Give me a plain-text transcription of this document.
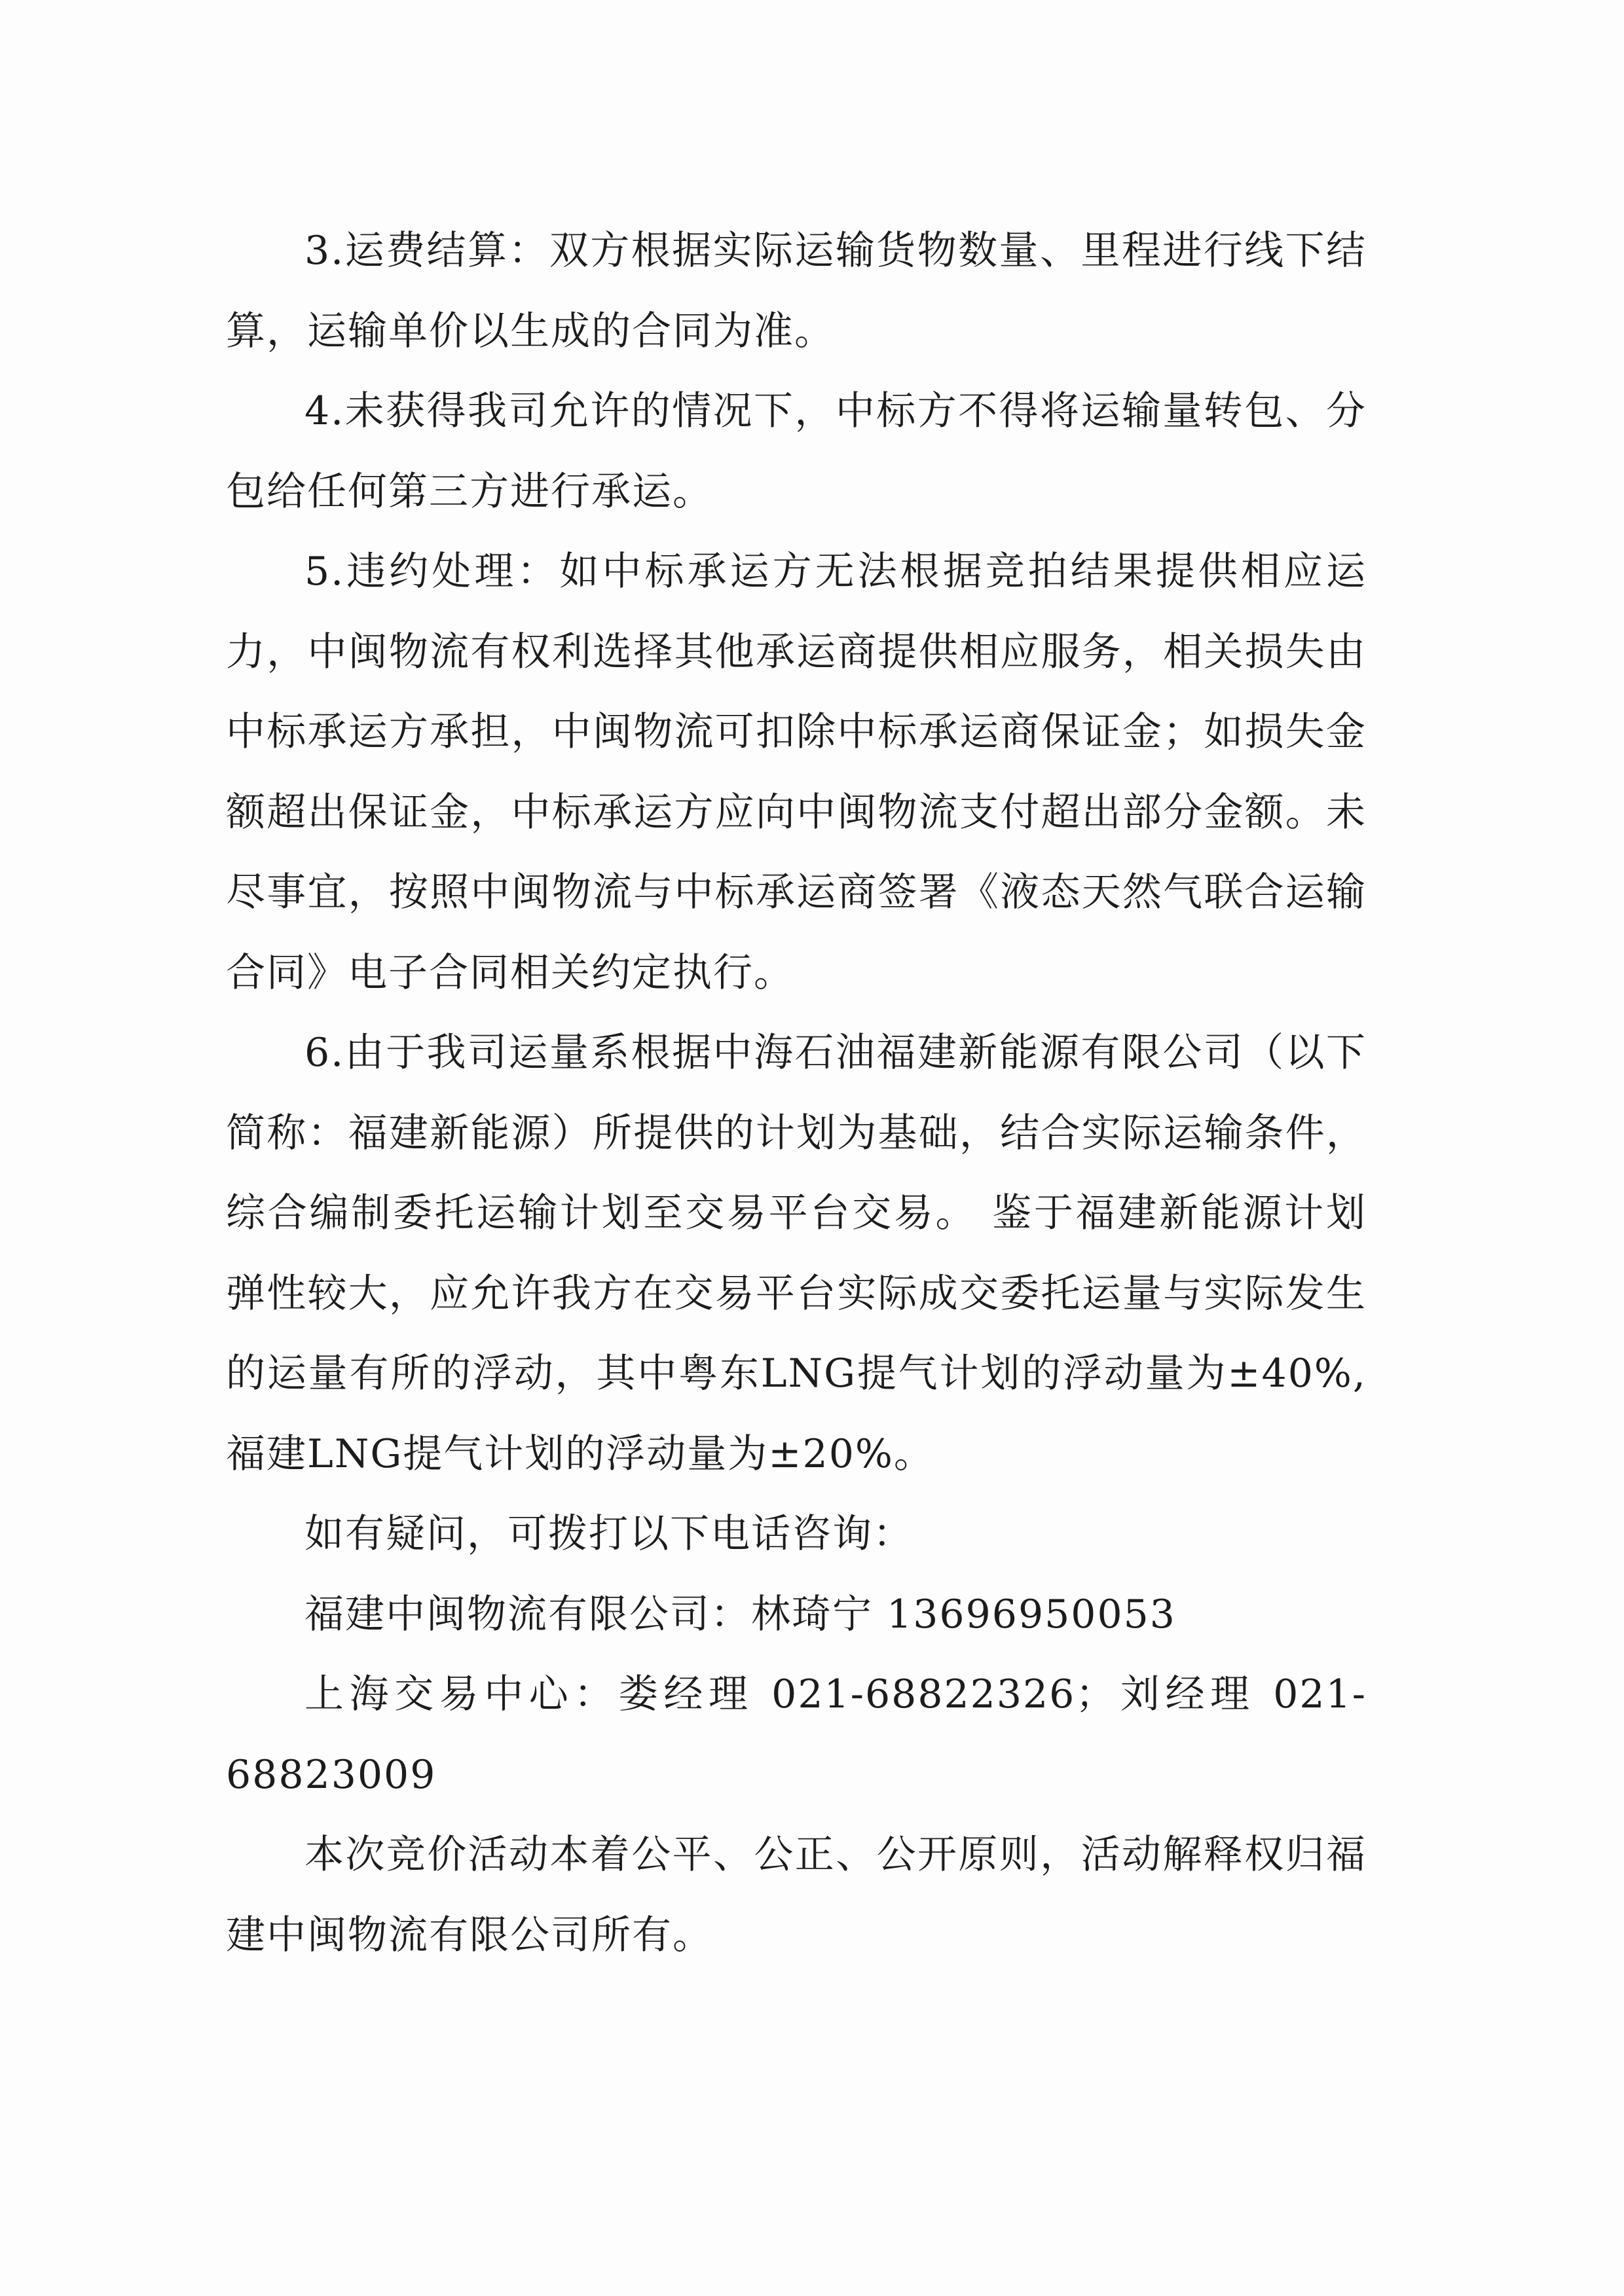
3.运费结算：双方根据实际运输货物数量、里程进行线下结算，运输单价以生成的合同为准。

4.未获得我司允许的情况下，中标方不得将运输量转包、分包给任何第三方进行承运。

5.违约处理：如中标承运方无法根据竞拍结果提供相应运力，中闽物流有权利选择其他承运商提供相应服务，相关损失由中标承运方承担，中闽物流可扣除中标承运商保证金；如损失金额超出保证金，中标承运方应向中闽物流支付超出部分金额。未尽事宜，按照中闽物流与中标承运商签署《液态天然气联合运输合同》电子合同相关约定执行。

6.由于我司运量系根据中海石油福建新能源有限公司（以下简称：福建新能源）所提供的计划为基础，结合实际运输条件，综合编制委托运输计划至交易平台交易。 鉴于福建新能源计划弹性较大，应允许我方在交易平台实际成交委托运量与实际发生的运量有所的浮动，其中粤东LNG提气计划的浮动量为±40%,福建LNG提气计划的浮动量为±20%。

如有疑问，可拨打以下电话咨询：

福建中闽物流有限公司：林琦宁 13696950053

上海交易中心：娄经理 021-68822326；刘经理 021-68823009

本次竞价活动本着公平、公正、公开原则，活动解释权归福建中闽物流有限公司所有。
